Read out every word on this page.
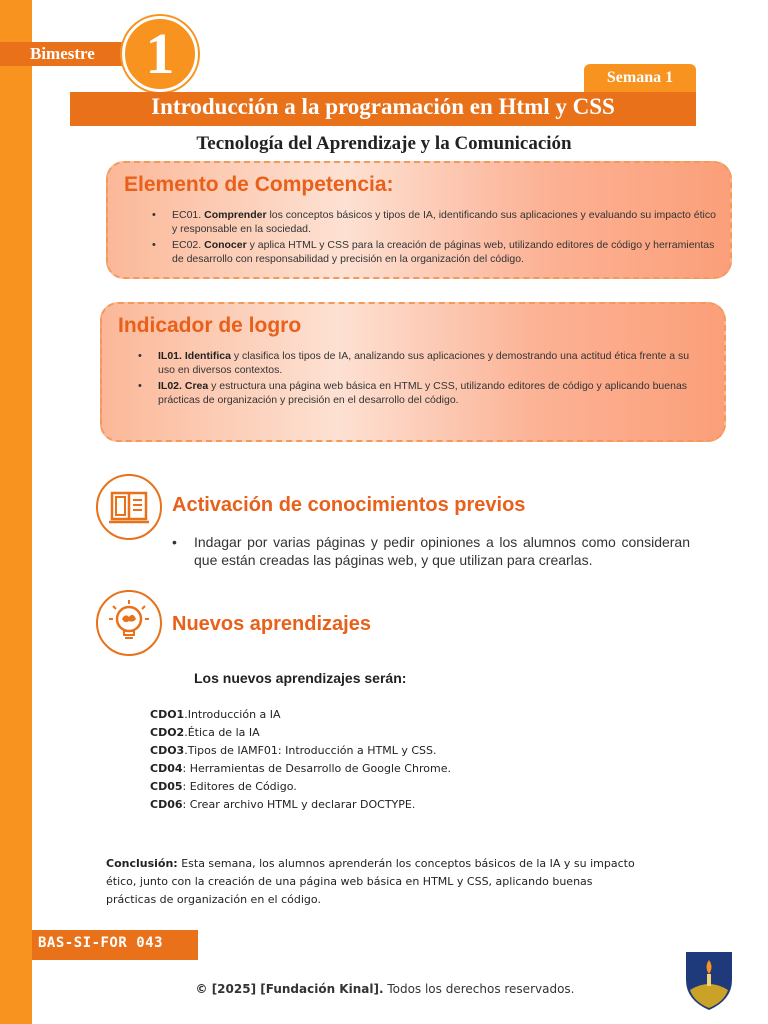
Bimestre 1	Semana 1
Introducción a la programación en Html y CSS
Tecnología del Aprendizaje y la Comunicación
Elemento de Competencia:
• EC01. Comprender los conceptos básicos y tipos de IA, identificando sus aplicaciones y evaluando su impacto ético y responsable en la sociedad.
• EC02. Conocer y aplica HTML y CSS para la creación de páginas web, utilizando editores de código y herramientas de desarrollo con responsabilidad y precisión en la organización del código.
Indicador de logro
• IL01. Identifica y clasifica los tipos de IA, analizando sus aplicaciones y demostrando una actitud ética frente a su uso en diversos contextos.
• IL02. Crea y estructura una página web básica en HTML y CSS, utilizando editores de código y aplicando buenas prácticas de organización y precisión en el desarrollo del código.
Activación de conocimientos previos
• Indagar por varias páginas y pedir opiniones a los alumnos como consideran que están creadas las páginas web, y que utilizan para crearlas.
Nuevos aprendizajes
Los nuevos aprendizajes serán:
CDO1.Introducción a IA
CDO2.Ética de la IA
CDO3.Tipos de IAMF01: Introducción a HTML y CSS.
CD04: Herramientas de Desarrollo de Google Chrome.
CD05: Editores de Código.
CD06: Crear archivo HTML y declarar DOCTYPE.
Conclusión: Esta semana, los alumnos aprenderán los conceptos básicos de la IA y su impacto ético, junto con la creación de una página web básica en HTML y CSS, aplicando buenas prácticas de organización en el código.
BAS-SI-FOR 043
© [2025] [Fundación Kinal]. Todos los derechos reservados.
